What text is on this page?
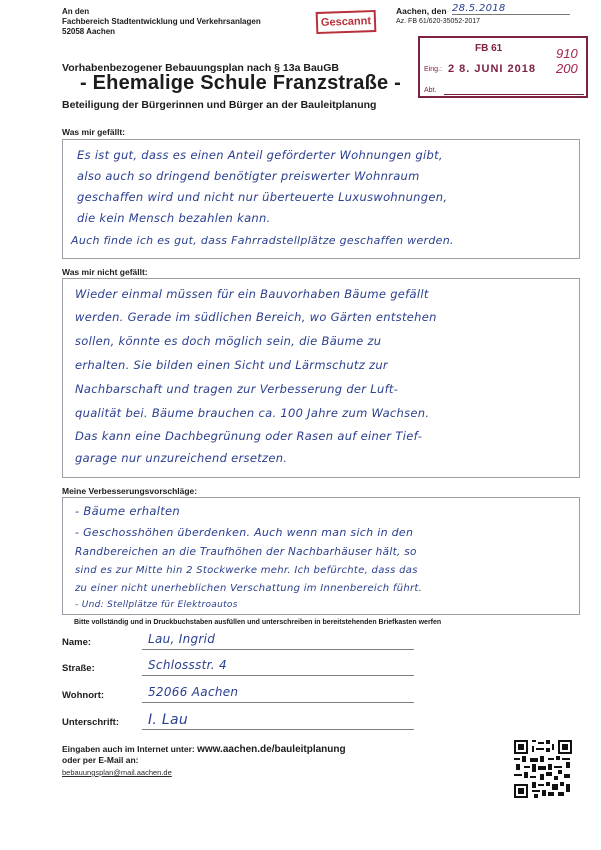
An den
Fachbereich Stadtentwicklung und Verkehrsanlagen
52058 Aachen
Gescannt
Aachen, den 28.5.2018
Az. FB 61/620-35052-2017
FB 61	910 200
Eing.: 2 8. JUNI 2018
Abt.
Vorhabenbezogener Bebauungsplan nach § 13a BauGB
- Ehemalige Schule Franzstraße -
Beteiligung der Bürgerinnen und Bürger an der Bauleitplanung
Was mir gefällt:
Es ist gut, dass es einen Anteil geförderter Wohnungen gibt,
also auch so dringend benötigter preiswerter Wohnraum
geschaffen wird und nicht nur überteuerte Luxuswohnungen,
die kein Mensch bezahlen kann.
Auch finde ich es gut, dass Fahrradstellplätze geschaffen werden.
Was mir nicht gefällt:
Wieder einmal müssen für ein Bauvorhaben Bäume gefällt
werden. Gerade im südlichen Bereich, wo Gärten entstehen
sollen, könnte es doch möglich sein, die Bäume zu
erhalten. Sie bilden einen Sicht und Lärmschutz zur
Nachbarschaft und tragen zur Verbesserung der Luft-
qualität bei. Bäume brauchen ca. 100 Jahre zum Wachsen.
Das kann eine Dachbegrünung oder Rasen auf einer Tief-
garage nur unzureichend ersetzen.
Meine Verbesserungsvorschläge:
- Bäume erhalten
- Geschosshöhen überdenken. Auch wenn man sich in den
Randbereichen an die Traufhöhen der Nachbarhäuser hält, so
sind es zur Mitte hin 2 Stockwerke mehr. Ich befürchte, dass das
zu einer nicht unerheblichen Verschattung im Innenbereich führt.
- Und: Stellplätze für Elektroautos
Bitte vollständig und in Druckbuchstaben ausfüllen und unterschreiben in bereitstehenden Briefkasten werfen
Name:	Lau, Ingrid
Straße:	Schlossstr. 4
Wohnort:	52066 Aachen
Unterschrift: I. Lau
Eingaben auch im Internet unter: www.aachen.de/bauleitplanung
oder per E-Mail an:
bebauungsplan@mail.aachen.de
